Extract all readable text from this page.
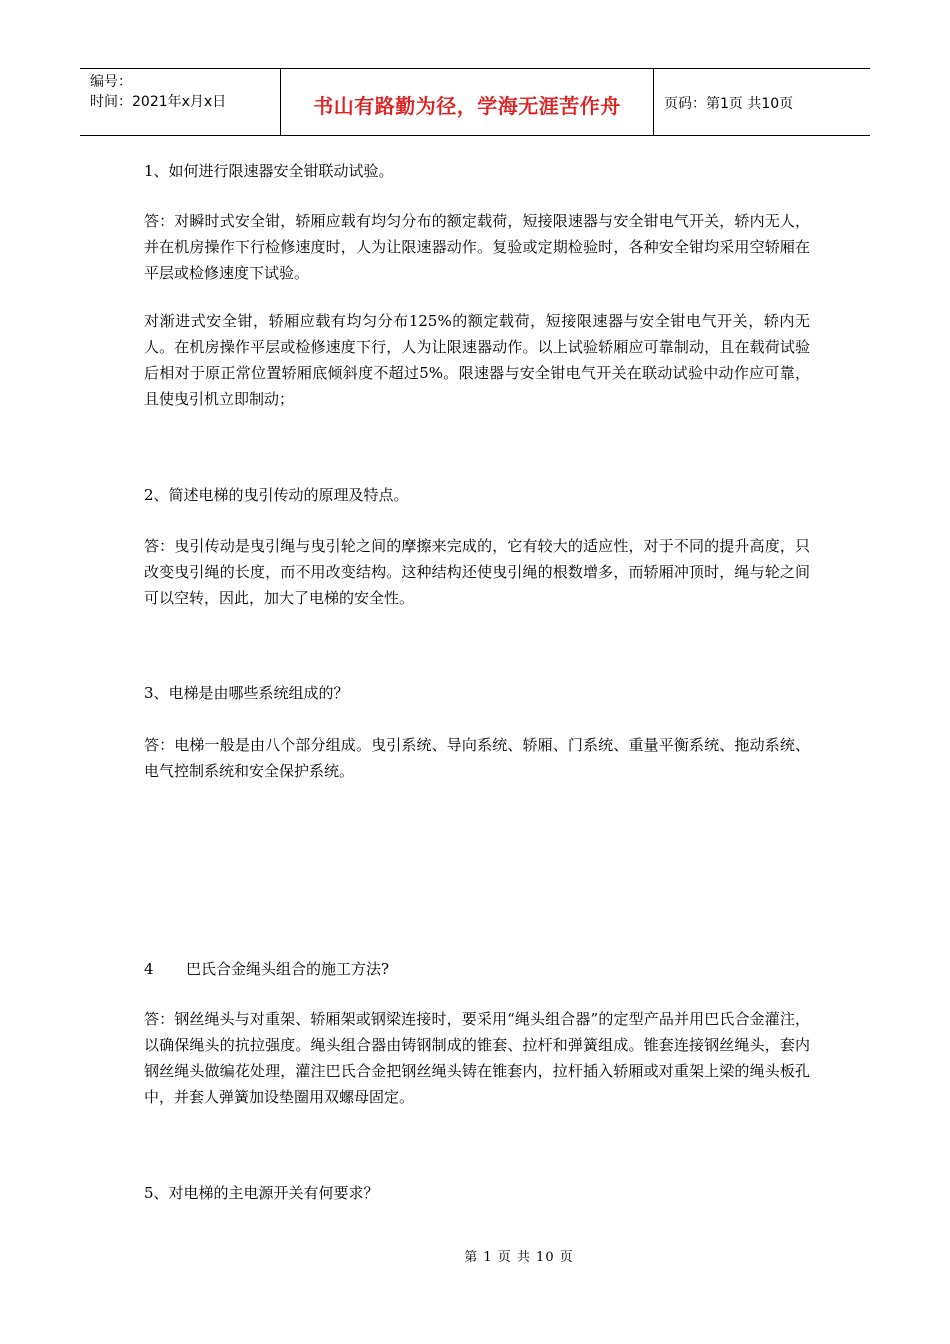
编号：
时间：2021年x月x日	书山有路勤为径，学海无涯苦作舟	页码：第1页 共10页

1、如何进行限速器安全钳联动试验。

答：对瞬时式安全钳，轿厢应载有均匀分布的额定载荷，短接限速器与安全钳电气开关，轿内无人，并在机房操作下行检修速度时，人为让限速器动作。复验或定期检验时，各种安全钳均采用空轿厢在平层或检修速度下试验。

对渐进式安全钳，轿厢应载有均匀分布125%的额定载荷，短接限速器与安全钳电气开关，轿内无人。在机房操作平层或检修速度下行，人为让限速器动作。以上试验轿厢应可靠制动，且在载荷试验后相对于原正常位置轿厢底倾斜度不超过5%。限速器与安全钳电气开关在联动试验中动作应可靠，且使曳引机立即制动；

2、简述电梯的曳引传动的原理及特点。

答：曳引传动是曳引绳与曳引轮之间的摩擦来完成的，它有较大的适应性，对于不同的提升高度，只改变曳引绳的长度，而不用改变结构。这种结构还使曳引绳的根数增多，而轿厢冲顶时，绳与轮之间可以空转，因此，加大了电梯的安全性。

3、电梯是由哪些系统组成的？

答：电梯一般是由八个部分组成。曳引系统、导向系统、轿厢、门系统、重量平衡系统、拖动系统、电气控制系统和安全保护系统。

4 巴氏合金绳头组合的施工方法?

答：钢丝绳头与对重架、轿厢架或钢梁连接时，要采用“绳头组合器”的定型产品并用巴氏合金灌注，以确保绳头的抗拉强度。绳头组合器由铸钢制成的锥套、拉杆和弹簧组成。锥套连接钢丝绳头，套内钢丝绳头做编花处理，灌注巴氏合金把钢丝绳头铸在锥套内，拉杆插入轿厢或对重架上梁的绳头板孔中，并套人弹簧加设垫圈用双螺母固定。

5、对电梯的主电源开关有何要求？

第 1 页 共 10 页
